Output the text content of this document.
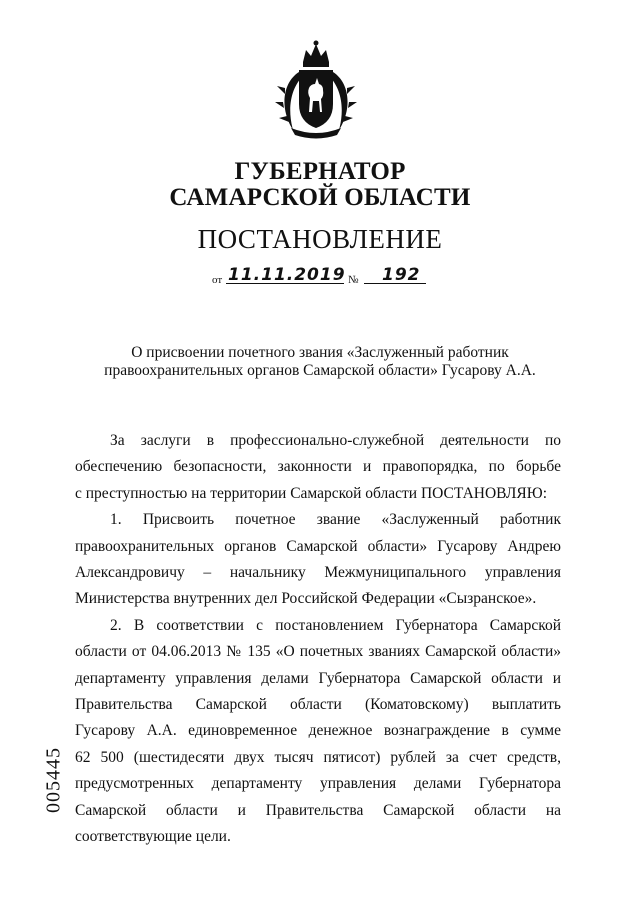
ГУБЕРНАТОР
САМАРСКОЙ ОБЛАСТИ
ПОСТАНОВЛЕНИЕ
от 11.11.2019 № 192
О присвоении почетного звания «Заслуженный работник
правоохранительных органов Самарской области» Гусарову А.А.

За заслуги в профессионально-служебной деятельности по

обеспечению безопасности, законности и правопорядка, по борьбе

с преступностью на территории Самарской области ПОСТАНОВЛЯЮ:

1. Присвоить почетное звание «Заслуженный работник

правоохранительных органов Самарской области» Гусарову Андрею

Александровичу – начальнику Межмуниципального управления

Министерства внутренних дел Российской Федерации «Сызранское».

2. В соответствии с постановлением Губернатора Самарской

области от 04.06.2013 № 135 «О почетных званиях Самарской области»

департаменту управления делами Губернатора Самарской области и

Правительства Самарской области (Коматовскому) выплатить

Гусарову А.А. единовременное денежное вознаграждение в сумме

62 500 (шестидесяти двух тысяч пятисот) рублей за счет средств,

предусмотренных департаменту управления делами Губернатора

Самарской области и Правительства Самарской области на

соответствующие цели.

005445
